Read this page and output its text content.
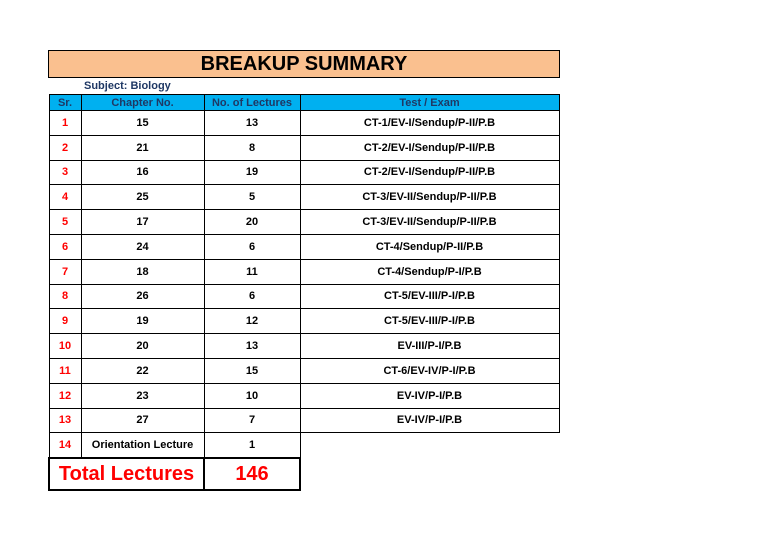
BREAKUP SUMMARY
Subject: Biology
Sr.	Chapter No.	No. of Lectures	Test / Exam
1	15	13	CT-1/EV-I/Sendup/P-II/P.B
2	21	8	CT-2/EV-I/Sendup/P-II/P.B
3	16	19	CT-2/EV-I/Sendup/P-II/P.B
4	25	5	CT-3/EV-II/Sendup/P-II/P.B
5	17	20	CT-3/EV-II/Sendup/P-II/P.B
6	24	6	CT-4/Sendup/P-II/P.B
7	18	11	CT-4/Sendup/P-I/P.B
8	26	6	CT-5/EV-III/P-I/P.B
9	19	12	CT-5/EV-III/P-I/P.B
10	20	13	EV-III/P-I/P.B
11	22	15	CT-6/EV-IV/P-I/P.B
12	23	10	EV-IV/P-I/P.B
13	27	7	EV-IV/P-I/P.B
14	Orientation Lecture	1	
Total Lectures		146	
